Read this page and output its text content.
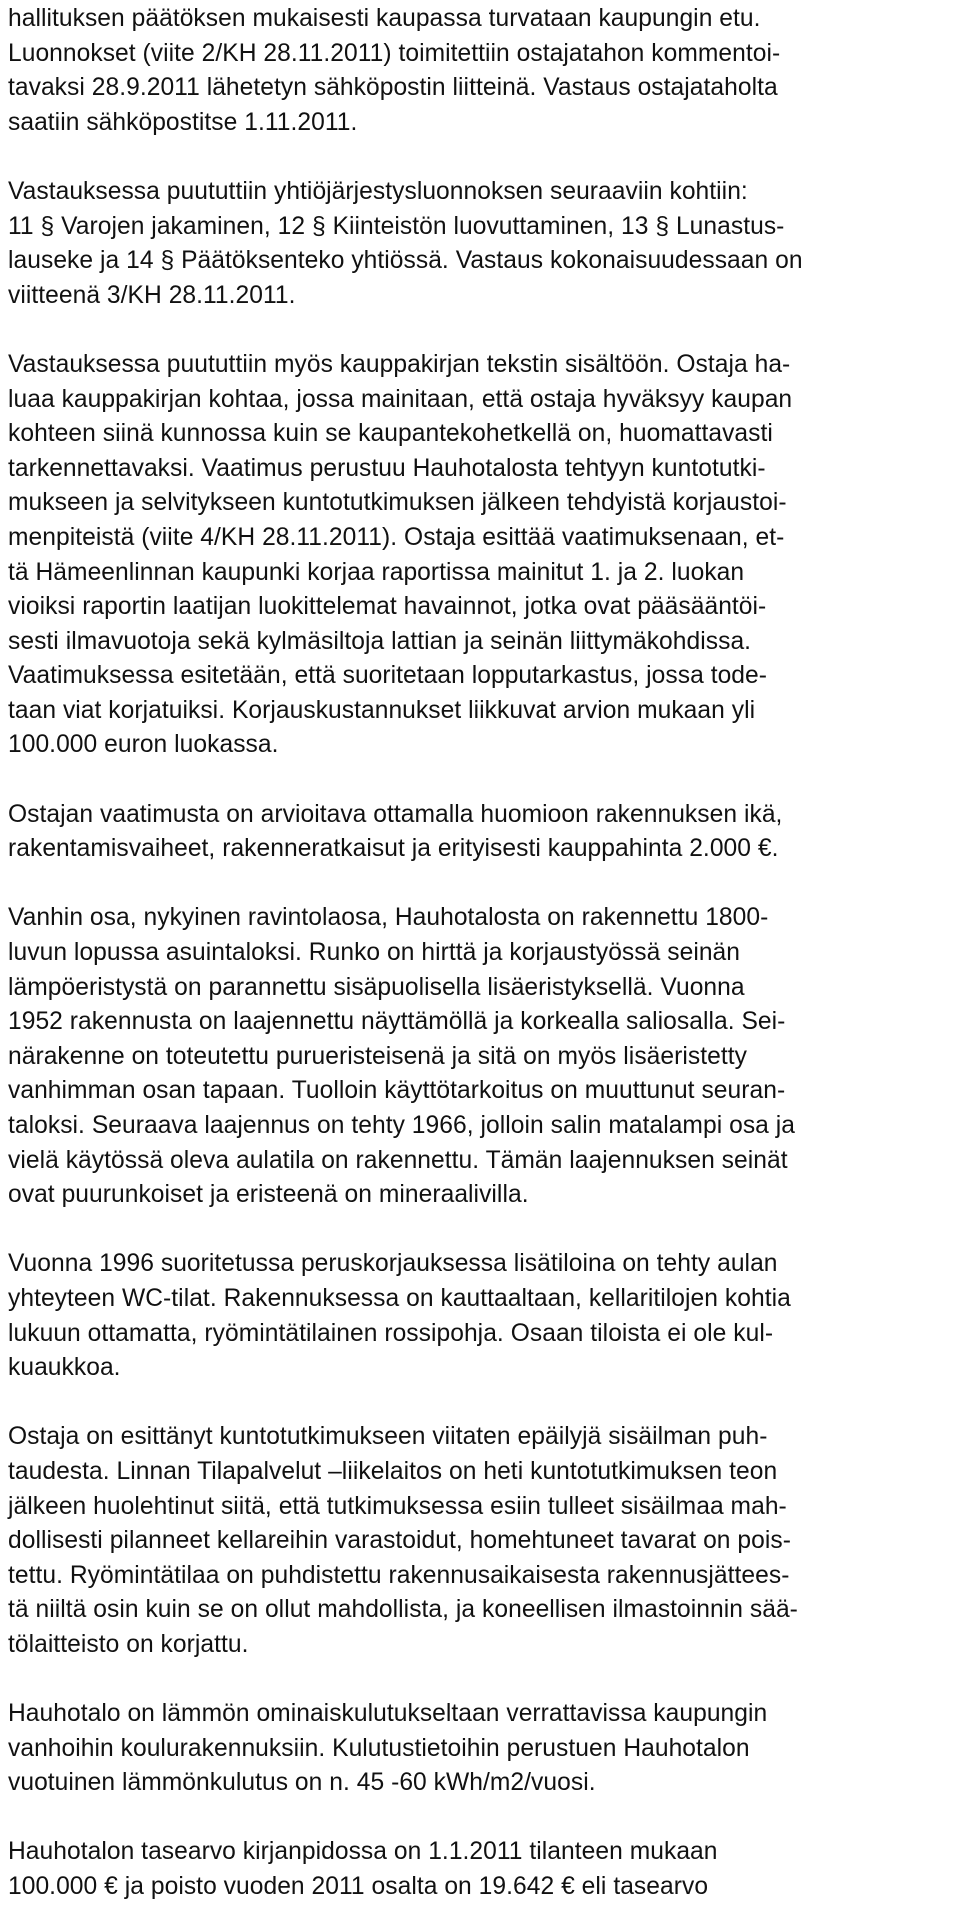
hallituksen päätöksen mukaisesti kaupassa turvataan kaupungin etu.
Luonnokset (viite 2/KH 28.11.2011) toimitettiin ostajatahon kommentoi-
tavaksi 28.9.2011 lähetetyn sähköpostin liitteinä. Vastaus ostajataholta
saatiin sähköpostitse 1.11.2011.
Vastauksessa puututtiin yhtiöjärjestysluonnoksen seuraaviin kohtiin:
11 § Varojen jakaminen, 12 § Kiinteistön luovuttaminen, 13 § Lunastus-
lauseke ja 14 § Päätöksenteko yhtiössä. Vastaus kokonaisuudessaan on
viitteenä 3/KH 28.11.2011.
Vastauksessa puututtiin myös kauppakirjan tekstin sisältöön. Ostaja ha-
luaa kauppakirjan kohtaa, jossa mainitaan, että ostaja hyväksyy kaupan
kohteen siinä kunnossa kuin se kaupantekohetkellä on, huomattavasti
tarkennettavaksi. Vaatimus perustuu Hauhotalosta tehtyyn kuntotutki-
mukseen ja selvitykseen kuntotutkimuksen jälkeen tehdyistä korjaustoi-
menpiteistä (viite 4/KH 28.11.2011). Ostaja esittää vaatimuksenaan, et-
tä Hämeenlinnan kaupunki korjaa raportissa mainitut 1. ja 2. luokan
vioiksi raportin laatijan luokittelemat havainnot, jotka ovat pääsääntöi-
sesti ilmavuotoja sekä kylmäsiltoja lattian ja seinän liittymäkohdissa.
Vaatimuksessa esitetään, että suoritetaan lopputarkastus, jossa tode-
taan viat korjatuiksi. Korjauskustannukset liikkuvat arvion mukaan yli
100.000 euron luokassa.
Ostajan vaatimusta on arvioitava ottamalla huomioon rakennuksen ikä,
rakentamisvaiheet, rakenneratkaisut ja erityisesti kauppahinta 2.000 €.
Vanhin osa, nykyinen ravintolaosa, Hauhotalosta on rakennettu 1800-
luvun lopussa asuintaloksi. Runko on hirttä ja korjaustyössä seinän
lämpöeristystä on parannettu sisäpuolisella lisäeristyksellä. Vuonna
1952 rakennusta on laajennettu näyttämöllä ja korkealla saliosalla. Sei-
närakenne on toteutettu purueristeisenä ja sitä on myös lisäeristetty
vanhimman osan tapaan. Tuolloin käyttötarkoitus on muuttunut seuran-
taloksi. Seuraava laajennus on tehty 1966, jolloin salin matalampi osa ja
vielä käytössä oleva aulatila on rakennettu. Tämän laajennuksen seinät
ovat puurunkoiset ja eristeenä on mineraalivilla.
Vuonna 1996 suoritetussa peruskorjauksessa lisätiloina on tehty aulan
yhteyteen WC-tilat. Rakennuksessa on kauttaaltaan, kellaritilojen kohtia
lukuun ottamatta, ryömintätilainen rossipohja. Osaan tiloista ei ole kul-
kuaukkoa.
Ostaja on esittänyt kuntotutkimukseen viitaten epäilyjä sisäilman puh-
taudesta. Linnan Tilapalvelut –liikelaitos on heti kuntotutkimuksen teon
jälkeen huolehtinut siitä, että tutkimuksessa esiin tulleet sisäilmaa mah-
dollisesti pilanneet kellareihin varastoidut, homehtuneet tavarat on pois-
tettu. Ryömintätilaa on puhdistettu rakennusaikaisesta rakennusjättees-
tä niiltä osin kuin se on ollut mahdollista, ja koneellisen ilmastoinnin sää-
tölaitteisto on korjattu.
Hauhotalo on lämmön ominaiskulutukseltaan verrattavissa kaupungin
vanhoihin koulurakennuksiin. Kulutustietoihin perustuen Hauhotalon
vuotuinen lämmönkulutus on n. 45 -60 kWh/m2/vuosi.
Hauhotalon tasearvo kirjanpidossa on 1.1.2011 tilanteen mukaan
100.000 € ja poisto vuoden 2011 osalta on 19.642 € eli tasearvo
